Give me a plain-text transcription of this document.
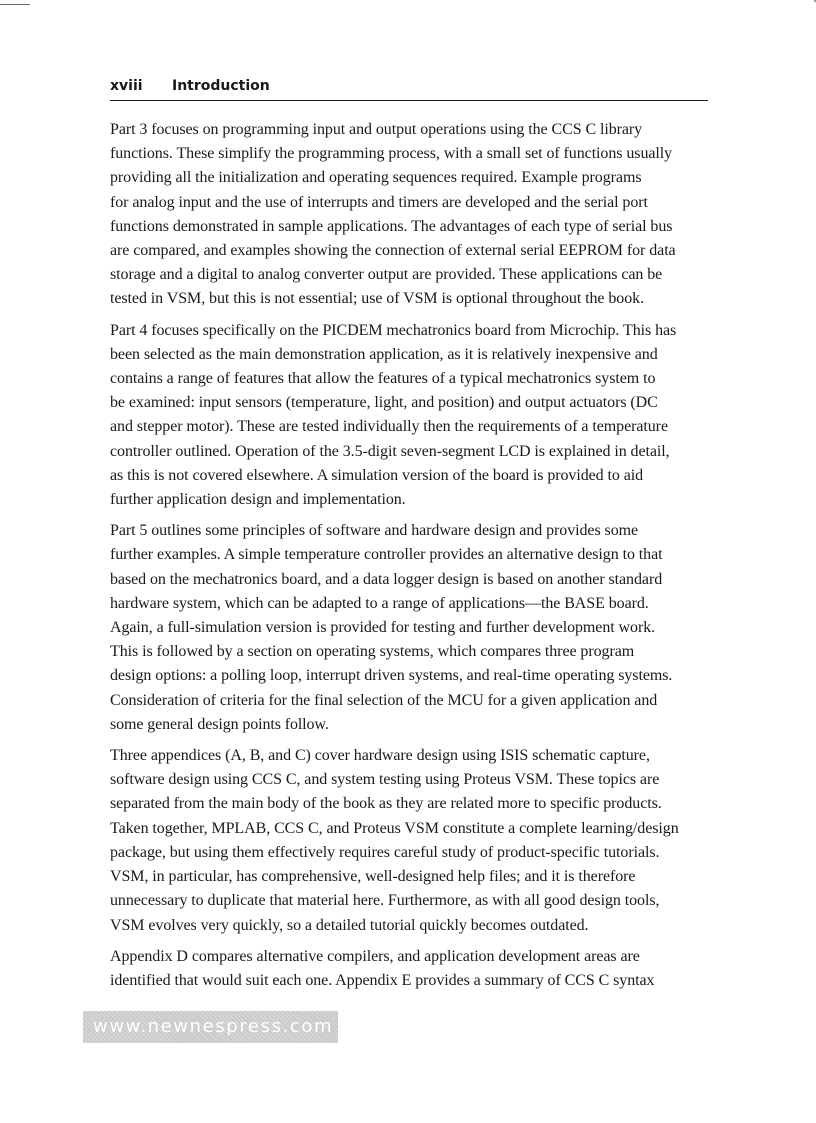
xviii Introduction

Part 3 focuses on programming input and output operations using the CCS C library
functions. These simplify the programming process, with a small set of functions usually
providing all the initialization and operating sequences required. Example programs
for analog input and the use of interrupts and timers are developed and the serial port
functions demonstrated in sample applications. The advantages of each type of serial bus
are compared, and examples showing the connection of external serial EEPROM for data
storage and a digital to analog converter output are provided. These applications can be
tested in VSM, but this is not essential; use of VSM is optional throughout the book.

Part 4 focuses specifically on the PICDEM mechatronics board from Microchip. This has
been selected as the main demonstration application, as it is relatively inexpensive and
contains a range of features that allow the features of a typical mechatronics system to
be examined: input sensors (temperature, light, and position) and output actuators (DC
and stepper motor). These are tested individually then the requirements of a temperature
controller outlined. Operation of the 3.5-digit seven-segment LCD is explained in detail,
as this is not covered elsewhere. A simulation version of the board is provided to aid
further application design and implementation.

Part 5 outlines some principles of software and hardware design and provides some
further examples. A simple temperature controller provides an alternative design to that
based on the mechatronics board, and a data logger design is based on another standard
hardware system, which can be adapted to a range of applications—the BASE board.
Again, a full-simulation version is provided for testing and further development work.
This is followed by a section on operating systems, which compares three program
design options: a polling loop, interrupt driven systems, and real-time operating systems.
Consideration of criteria for the final selection of the MCU for a given application and
some general design points follow.

Three appendices (A, B, and C) cover hardware design using ISIS schematic capture,
software design using CCS C, and system testing using Proteus VSM. These topics are
separated from the main body of the book as they are related more to specific products.
Taken together, MPLAB, CCS C, and Proteus VSM constitute a complete learning/design
package, but using them effectively requires careful study of product-specific tutorials.
VSM, in particular, has comprehensive, well-designed help files; and it is therefore
unnecessary to duplicate that material here. Furthermore, as with all good design tools,
VSM evolves very quickly, so a detailed tutorial quickly becomes outdated.

Appendix D compares alternative compilers, and application development areas are
identified that would suit each one. Appendix E provides a summary of CCS C syntax

www.newnespress.com
